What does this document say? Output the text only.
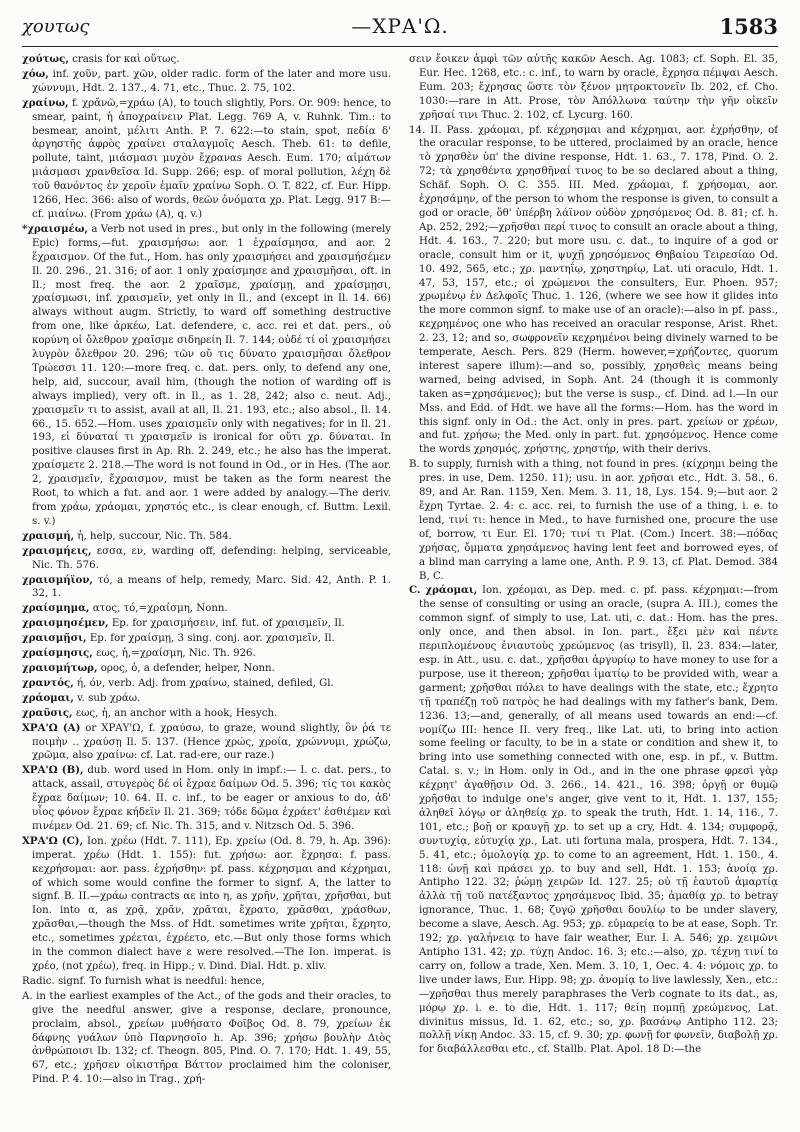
χουτως	—ΧΡΑ'Ω.	1583

χούτως, crasis for καὶ οὕτως.

χόω, inf. χοῦν, part. χῶν, older radic. form of the later and more usu. χώννυμι, Hdt. 2. 137., 4. 71, etc., Thuc. 2. 75, 102.

χραίνω, f. χρᾰνῶ,=χράω (A), to touch slightly, Pors. Or. 909: hence, to smear, paint, ἡ ἀποχραίνειν Plat. Legg. 769 A, v. Ruhnk. Tim.: to besmear, anoint, μέλιτι Anth. P. 7. 622:—to stain, spot, πεδία δ' ἀργηστῆς ἀφρὸς χραίνει σταλαγμοῖς Aesch. Theb. 61: to defile, pollute, taint, μιάσμασι μυχὸν ἔχραναs Aesch. Eum. 170; αἱμάτων μιάσμασι χρανθεῖσα Id. Supp. 266; esp. of moral pollution, λέχη δὲ τοῦ θανόντος ἐν χεροῖν ἐμαῖν χραίνω Soph. O. T. 822, cf. Eur. Hipp. 1266, Hec. 366: also of words, θεῶν ὀνόματα χρ. Plat. Legg. 917 B:—cf. μιαίνω. (From χράω (A), q. v.)

*χραισμέω, a Verb not used in pres., but only in the following (merely Epic) forms,—fut. χραισμήσω: aor. 1 ἐχραίσμησα, and aor. 2 ἔχραισμον. Of the fut., Hom. has only χραισμήσει and χραισμήσέμεν Il. 20. 296., 21. 316; of aor. 1 only χραίσμησε and χραισμῆσαι, oft. in Il.; most freq. the aor. 2 χραῖσμε, χραίσμῃ, and χραίσμῃσι, χραίσμωσι, inf. χραισμεῖν, yet only in Il., and (except in Il. 14. 66) always without augm. Strictly, to ward off something destructive from one, like ἀρκέω, Lat. defendere, c. acc. rei et dat. pers., οὐ κορύνη οἱ ὄλεθρον χραῖσμε σιδηρείη Il. 7. 144; οὐδέ τί οἱ χραισμήσει λυγρὸν ὄλεθρον 20. 296; τῶν οὔ τις δύνατο χραισμῆσαι ὄλεθρον Τρώεσσι 11. 120:—more freq. c. dat. pers. only, to defend any one, help, aid, succour, avail him, (though the notion of warding off is always implied), very oft. in Il., as 1. 28, 242; also c. neut. Adj., χραισμεῖν τι to assist, avail at all, Il. 21. 193, etc.; also absol., Il. 14. 66., 15. 652.—Hom. uses χραισμεῖν only with negatives; for in Il. 21. 193, εἰ δύναταί τι χραισμεῖν is ironical for οὔτι χρ. δύναται. In positive clauses first in Ap. Rh. 2. 249, etc.; he also has the imperat. χραίσμετε 2. 218.—The word is not found in Od., or in Hes. (The aor. 2, χραισμεῖν, ἔχραισμον, must be taken as the form nearest the Root, to which a fut. and aor. 1 were added by analogy.—The deriv. from χράω, χράομαι, χρηστός etc., is clear enough, cf. Buttm. Lexil. s. v.)

χραισμή, ἡ, help, succour, Nic. Th. 584.

χραισμήεις, εσσα, εν, warding off, defending: helping, serviceable, Nic. Th. 576.

χραισμήϊον, τό, a means of help, remedy, Marc. Sid. 42, Anth. P. 1. 32, 1.

χραίσμημα, ατος, τό,=χραίσμη, Nonn.

χραισμησέμεν, Ep. for χραισμήσειν, inf. fut. of χραισμεῖν, Il.

χραισμῇσι, Ep. for χραίσμῃ, 3 sing. conj. aor. χραισμεῖν, Il.

χραίσμησις, εως, ἡ,=χραίσμη, Nic. Th. 926.

χραισμήτωρ, ορος, ὁ, a defender, helper, Nonn.

χραντός, ή, όν, verb. Adj. from χραίνω, stained, defiled, Gl.

χράομαι, v. sub χράω.

χραῦσις, εως, ἡ, an anchor with a hook, Hesych.

ΧΡΑ'Ω (A) or ΧΡΑΥ'Ω, f. χραύσω, to graze, wound slightly, ὃν ῥά τε ποιμὴν .. χραύσῃ Il. 5. 137. (Hence χρώς, χροία, χρώννυμι, χρώζω, χρῶμα, also χραίνω: cf. Lat. rad-ere, our raze.)

ΧΡΑ'Ω (B), dub. word used in Hom. only in impf.:— I. c. dat. pers., to attack, assail, στυγερὸς δέ οἱ ἔχραε δαίμων Od. 5. 396; τίς τοι κακὸς ἔχραε δαίμων; 10. 64. II. c. inf., to be eager or anxious to do, ἀδ' υἷος φόνον ἔχραε κήδεϊν Il. 21. 369; τόδε δῶμα ἐχράετ' ἐσθιέμεν καὶ πινέμεν Od. 21. 69; cf. Nic. Th. 315, and v. Nitzsch Od. 5. 396.

ΧΡΑ'Ω (C), Ion. χρέω (Hdt. 7. 111), Ep. χρείω (Od. 8. 79, h. Ap. 396): imperat. χρέω (Hdt. 1. 155): fut. χρήσω: aor. ἔχρησα: f. pass. κεχρήσομαι: aor. pass. ἐχρήσθην: pf. pass. κέχρησμαι and κέχρημαι, of which some would confine the former to signf. A, the latter to signf. B. II.—χράω contracts αε into η, as χρῆν, χρῆται, χρῆσθαι, but Ion. into α, as χρᾷ, χρᾶν, χρᾶται, ἔχρατο, χρᾶσθαι, χράσθων, χρᾶσθαι,—though the Mss. of Hdt. sometimes write χρῆται, ἔχρητο, etc., sometimes χρέεται, ἐχρέετο, etc.—But only those forms which in the common dialect have ε were resolved.—The Ion. imperat. is χρέο, (not χρέω), freq. in Hipp.; v. Dind. Dial. Hdt. p. xliv.

Radic. signf. To furnish what is needful: hence,

A. in the earliest examples of the Act., of the gods and their oracles, to give the needful answer, give a response, declare, pronounce, proclaim, absol., χρείων μυθήσατο Φοῖβος Od. 8. 79, χρείων ἐκ δάφνης γυάλων ὑπὸ Παρνησοῖο h. Ap. 396; χρήσω βουλὴν Διὸς ἀνθρώποισι Ib. 132; cf. Theogn. 805, Pind. O. 7. 170; Hdt. 1. 49, 55, 67, etc.; χρῆσεν οἰκιστῆρα Βάττον proclaimed him the coloniser, Pind. P. 4. 10:—also in Trag., χρή-

σειν ἔοικεν ἀμφὶ τῶν αὐτῆς κακῶν Aesch. Ag. 1083; cf. Soph. El. 35, Eur. Hec. 1268, etc.: c. inf., to warn by oracle, ἔχρησα πέμψαι Aesch. Eum. 203; ἔχρησας ὥστε τὸν ξένον μητροκτονεῖν Ib. 202, cf. Cho. 1030:—rare in Att. Prose, τὸν Ἀπόλλωνα ταύτην τὴν γῆν οἰκεῖν χρῆσαί τινι Thuc. 2. 102, cf. Lycurg. 160.

14. II. Pass. χράομαι, pf. κέχρησμαι and κέχρημαι, aor. ἐχρήσθην, of the oracular response, to be uttered, proclaimed by an oracle, hence τὸ χρησθὲν ὑπ' the divine response, Hdt. 1. 63., 7. 178, Pind. O. 2. 72; τὰ χρησθέντα χρησθῆναί τινος to be so declared about a thing, Schäf. Soph. O. C. 355. III. Med. χράομαι, f. χρήσομαι, aor. ἐχρησάμην, of the person to whom the response is given, to consult a god or oracle, ὅθ' ὑπέρβη λάϊνον οὐδὸν χρησόμενος Od. 8. 81; cf. h. Ap. 252, 292;—χρῆσθαι περί τινος to consult an oracle about a thing, Hdt. 4. 163., 7. 220; but more usu. c. dat., to inquire of a god or oracle, consult him or it, ψυχῇ χρησόμενος Θηβαίου Τειρεσίαο Od. 10. 492, 565, etc.; χρ. μαντηΐῳ, χρηστηρίῳ, Lat. uti oraculo, Hdt. 1. 47, 53, 157, etc.; οἱ χρώμενοι the consulters, Eur. Phoen. 957; χρωμένῳ ἐν Δελφοῖς Thuc. 1. 126, (where we see how it glides into the more common signf. to make use of an oracle):—also in pf. pass., κεχρημένος one who has received an oracular response, Arist. Rhet. 2. 23, 12; and so, σωφρονεῖν κεχρημένοι being divinely warned to be temperate, Aesch. Pers. 829 (Herm. however,=χρήζοντες, quorum interest sapere illum):—and so, possibly, χρησθεὶς means being warned, being advised, in Soph. Ant. 24 (though it is commonly taken as=χρησάμενος); but the verse is susp., cf. Dind. ad l.—In our Mss. and Edd. of Hdt. we have all the forms:—Hom. has the word in this signf. only in Od.: the Act. only in pres. part. χρείων or χρέων, and fut. χρήσω; the Med. only in part. fut. χρησόμενος. Hence come the words χρησμός, χρήστης, χρηστήρ, with their derivs.

B. to supply, furnish with a thing, not found in pres. (κίχρημι being the pres. in use, Dem. 1250. 11); usu. in aor. χρῆσαι etc., Hdt. 3. 58., 6. 89, and Ar. Ran. 1159, Xen. Mem. 3. 11, 18, Lys. 154. 9;—but aor. 2 ἔχρη Tyrtae. 2. 4: c. acc. rei, to furnish the use of a thing, i. e. to lend, τινί τι: hence in Med., to have furnished one, procure the use of, borrow, τι Eur. El. 170; τινί τι Plat. (Com.) Incert. 38:—πόδας χρήσας, ὄμματα χρησάμενος having lent feet and borrowed eyes, of a blind man carrying a lame one, Anth. P. 9. 13, cf. Plat. Demod. 384 B, C.

C. χράομαι, Ion. χρέομαι, as Dep. med. c. pf. pass. κέχρημαι:—from the sense of consulting or using an oracle, (supra A. III.), comes the common signf. of simply to use, Lat. uti, c. dat.: Hom. has the pres. only once, and then absol. in Ion. part., ἔξει μὲν καὶ πέντε περιπλομένους ἐνιαυτοὺς χρεώμενος (as trisyll), Il. 23. 834:—later, esp. in Att., usu. c. dat., χρῆσθαι ἀργυρίῳ to have money to use for a purpose, use it thereon; χρῆσθαι ἱματίῳ to be provided with, wear a garment; χρῆσθαι πόλει to have dealings with the state, etc.; ἔχρητο τῇ τραπέζῃ τοῦ πατρὸς he had dealings with my father's bank, Dem. 1236. 13;—and, generally, of all means used towards an end:—cf. νομίζω III: hence II. very freq., like Lat. uti, to bring into action some feeling or faculty, to be in a state or condition and shew it, to bring into use something connected with one, esp. in pf., v. Buttm. Catal. s. v.; in Hom. only in Od., and in the one phrase φρεσὶ γὰρ κέχρητ' ἀγαθῇσιν Od. 3. 266., 14. 421., 16. 398; ὀργῇ or θυμῷ χρῆσθαι to indulge one's anger, give vent to it, Hdt. 1. 137, 155; ἀληθεῖ λόγῳ or ἀληθείᾳ χρ. to speak the truth, Hdt. 1. 14, 116., 7. 101, etc.; βοῇ or κραυγῇ χρ. to set up a cry, Hdt. 4. 134; συμφορᾷ, συντυχίᾳ, εὐτυχίᾳ χρ., Lat. uti fortuna mala, prospera, Hdt. 7. 134., 5. 41, etc.; ὁμολογίᾳ χρ. to come to an agreement, Hdt. 1. 150., 4. 118: ὠνῇ καὶ πράσει χρ. to buy and sell, Hdt. 1. 153; ἀνοίᾳ χρ. Antipho 122. 32; ῥώμῃ χειρῶν Id. 127. 25; οὐ τῇ ἑαυτοῦ ἁμαρτίᾳ ἀλλὰ τῇ τοῦ πατέξαντος χρησάμενος Ibid. 35; ἀμαθίᾳ χρ. to betray ignorance, Thuc. 1. 68; ζυγῷ χρῆσθαι δουλίῳ to be under slavery, become a slave, Aesch. Ag. 953; χρ. εὐμαρείᾳ to be at ease, Soph. Tr. 192; χρ. γαλήνειᾳ to have fair weather, Eur. I. A. 546; χρ. χειμῶνι Antipho 131. 42; χρ. τύχῃ Andoc. 16. 3; etc.:—also, χρ. τέχνῃ τινί to carry on, follow a trade, Xen. Mem. 3. 10, 1, Oec. 4. 4: νόμοις χρ. to live under laws, Eur. Hipp. 98; χρ. ἀνομίᾳ to live lawlessly, Xen., etc.:—χρῆσθαι thus merely paraphrases the Verb cognate to its dat., as, μόρῳ χρ. i. e. to die, Hdt. 1. 117; θείῃ πομπῇ χρεώμενος, Lat. divinitus missus, Id. 1. 62, etc.; so, χρ. βασάνῳ Antipho 112. 23; πολλῇ νίκῃ Andoc. 33. 15, cf. 9. 30; χρ. φωνῇ for φωνεῖν, διαβολῇ χρ. for διαβάλλεσθαι etc., cf. Stallb. Plat. Apol. 18 D:—the
